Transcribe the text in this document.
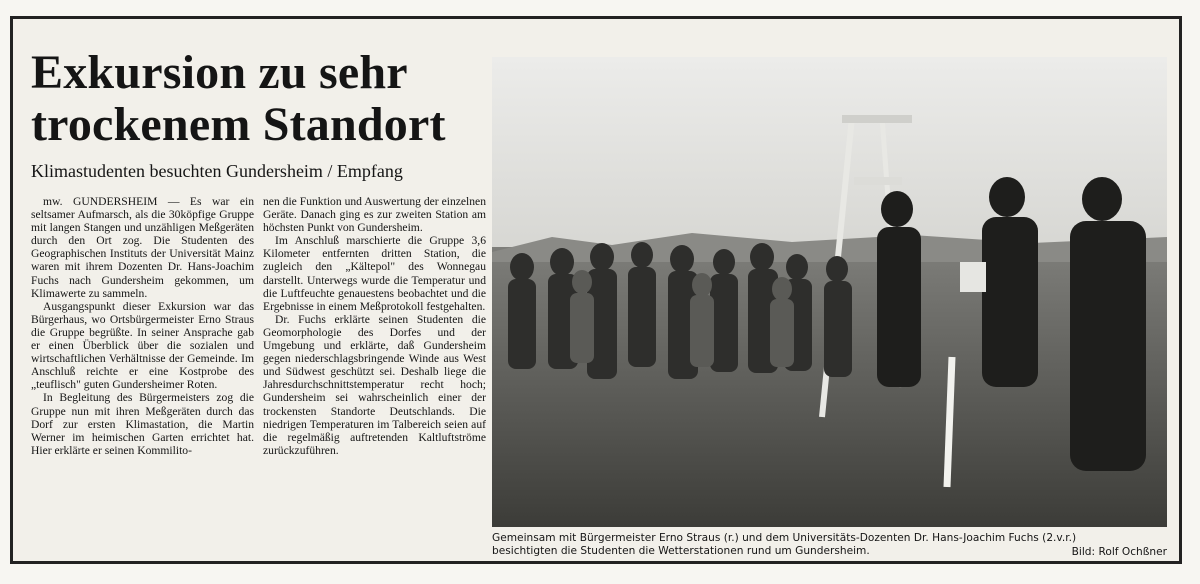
Exkursion zu sehr
trockenem Standort
Klimastudenten besuchten Gundersheim / Empfang

mw. GUNDERSHEIM — Es war ein seltsamer Aufmarsch, als die 30köpfige Gruppe mit langen Stangen und unzähligen Meßgeräten durch den Ort zog. Die Studenten des Geographischen Instituts der Universität Mainz waren mit ihrem Dozenten Dr. Hans-Joachim Fuchs nach Gundersheim gekommen, um Klimawerte zu sammeln.

Ausgangspunkt dieser Exkursion war das Bürgerhaus, wo Ortsbürgermeister Erno Straus die Gruppe begrüßte. In seiner Ansprache gab er einen Überblick über die sozialen und wirtschaftlichen Verhältnisse der Gemeinde. Im Anschluß reichte er eine Kostprobe des „teuflisch" guten Gundersheimer Roten.

In Begleitung des Bürgermeisters zog die Gruppe nun mit ihren Meßgeräten durch das Dorf zur ersten Klimastation, die Martin Werner im heimischen Garten errichtet hat. Hier erklärte er seinen Kommilito-

nen die Funktion und Auswertung der einzelnen Geräte. Danach ging es zur zweiten Station am höchsten Punkt von Gundersheim.

Im Anschluß marschierte die Gruppe 3,6 Kilometer entfernten dritten Station, die zugleich den „Kältepol" des Wonnegau darstellt. Unterwegs wurde die Temperatur und die Luftfeuchte genauestens beobachtet und die Ergebnisse in einem Meßprotokoll festgehalten.

Dr. Fuchs erklärte seinen Studenten die Geomorphologie des Dorfes und der Umgebung und erklärte, daß Gundersheim gegen niederschlagsbringende Winde aus West und Südwest geschützt sei. Deshalb liege die Jahresdurchschnittstemperatur recht hoch; Gundersheim sei wahrscheinlich einer der trockensten Standorte Deutschlands. Die niedrigen Temperaturen im Talbereich seien auf die regelmäßig auftretenden Kaltluftströme zurückzuführen.

Gemeinsam mit Bürgermeister Erno Straus (r.) und dem Universitäts-Dozenten Dr. Hans-Joachim Fuchs (2.v.r.)
besichtigten die Studenten die Wetterstationen rund um Gundersheim.	Bild: Rolf Ochßner
